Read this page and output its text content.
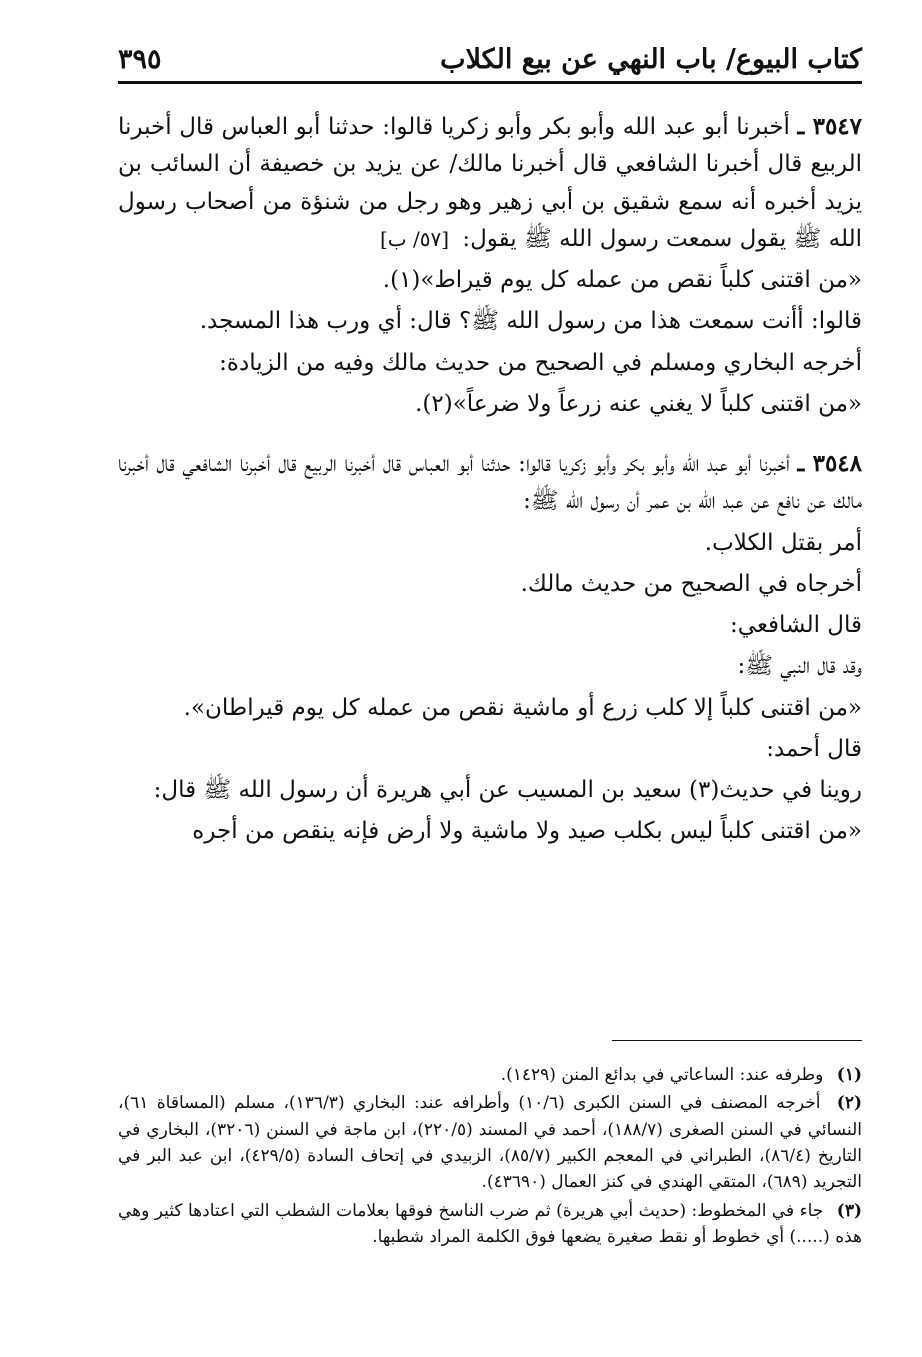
كتاب البيوع/ باب النهي عن بيع الكلاب
٣٩٥

٣٥٤٧ ـ أخبرنا أبو عبد الله وأبو بكر وأبو زكريا قالوا: حدثنا أبو العباس قال أخبرنا الربيع قال أخبرنا الشافعي قال أخبرنا مالك/ عن يزيد بن خصيفة أن السائب بن يزيد أخبره أنه سمع شقيق بن أبي زهير وهو رجل من شنؤة من أصحاب رسول الله ﷺ يقول سمعت رسول الله ﷺ يقول: [٥٧/ ب]

«من اقتنى كلباً نقص من عمله كل يوم قيراط»(١).

قالوا: أأنت سمعت هذا من رسول الله ﷺ؟ قال: أي ورب هذا المسجد.

أخرجه البخاري ومسلم في الصحيح من حديث مالك وفيه من الزيادة:

«من اقتنى كلباً لا يغني عنه زرعاً ولا ضرعاً»(٢).

٣٥٤٨ ـ أخبرنا أبو عبد الله وأبو بكر وأبو زكريا قالوا: حدثنا أبو العباس قال أخبرنا الربيع قال أخبرنا الشافعي قال أخبرنا مالك عن نافع عن عبد الله بن عمر أن رسول الله ﷺ:

أمر بقتل الكلاب.

أخرجاه في الصحيح من حديث مالك.

قال الشافعي:

وقد قال النبي ﷺ:

«من اقتنى كلباً إلا كلب زرع أو ماشية نقص من عمله كل يوم قيراطان».

قال أحمد:

روينا في حديث(٣) سعيد بن المسيب عن أبي هريرة أن رسول الله ﷺ قال:

«من اقتنى كلباً ليس بكلب صيد ولا ماشية ولا أرض فإنه ينقص من أجره

(١) وطرفه عند: الساعاتي في بدائع المنن (١٤٢٩).

(٢) أخرجه المصنف في السنن الكبرى (١٠/٦) وأطرافه عند: البخاري (١٣٦/٣)، مسلم (المساقاة ٦١)، النسائي في السنن الصغرى (١٨٨/٧)، أحمد في المسند (٢٢٠/٥)، ابن ماجة في السنن (٣٢٠٦)، البخاري في التاريخ (٨٦/٤)، الطبراني في المعجم الكبير (٨٥/٧)، الزبيدي في إتحاف السادة (٤٢٩/٥)، ابن عبد البر في التجريد (٦٨٩)، المتقي الهندي في كنز العمال (٤٣٦٩٠).

(٣) جاء في المخطوط: (حديث أبي هريرة) ثم ضرب الناسخ فوقها بعلامات الشطب التي اعتادها كثير وهي هذه (.....) أي خطوط أو نقط صغيرة يضعها فوق الكلمة المراد شطبها.
